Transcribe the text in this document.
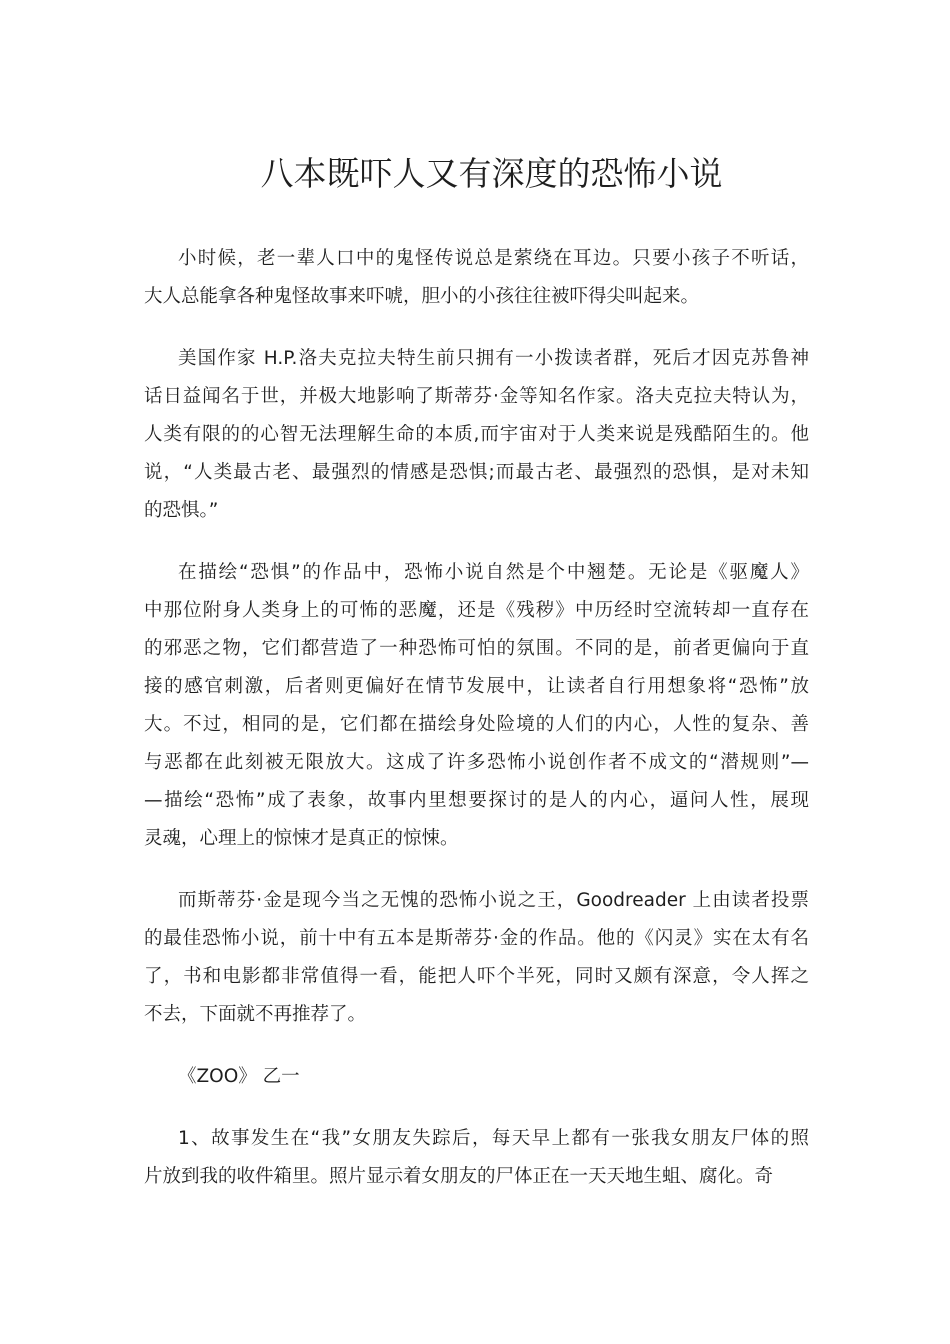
八本既吓人又有深度的恐怖小说

小时候，老一辈人口中的鬼怪传说总是萦绕在耳边。只要小孩子不听话，
大人总能拿各种鬼怪故事来吓唬，胆小的小孩往往被吓得尖叫起来。

美国作家 H.P.洛夫克拉夫特生前只拥有一小拨读者群，死后才因克苏鲁神
话日益闻名于世，并极大地影响了斯蒂芬·金等知名作家。洛夫克拉夫特认为，
人类有限的的心智无法理解生命的本质,而宇宙对于人类来说是残酷陌生的。他
说，“人类最古老、最强烈的情感是恐惧;而最古老、最强烈的恐惧，是对未知
的恐惧。”

在描绘“恐惧”的作品中，恐怖小说自然是个中翘楚。无论是《驱魔人》
中那位附身人类身上的可怖的恶魔，还是《残秽》中历经时空流转却一直存在
的邪恶之物，它们都营造了一种恐怖可怕的氛围。不同的是，前者更偏向于直
接的感官刺激，后者则更偏好在情节发展中，让读者自行用想象将“恐怖”放
大。不过，相同的是，它们都在描绘身处险境的人们的内心，人性的复杂、善
与恶都在此刻被无限放大。这成了许多恐怖小说创作者不成文的“潜规则”—
—描绘“恐怖”成了表象，故事内里想要探讨的是人的内心，逼问人性，展现
灵魂，心理上的惊悚才是真正的惊悚。

而斯蒂芬·金是现今当之无愧的恐怖小说之王，Goodreader 上由读者投票
的最佳恐怖小说，前十中有五本是斯蒂芬·金的作品。他的《闪灵》实在太有名
了，书和电影都非常值得一看，能把人吓个半死，同时又颇有深意，令人挥之
不去，下面就不再推荐了。

《ZOO》 乙一

1、故事发生在“我”女朋友失踪后，每天早上都有一张我女朋友尸体的照
片放到我的收件箱里。照片显示着女朋友的尸体正在一天天地生蛆、腐化。奇
